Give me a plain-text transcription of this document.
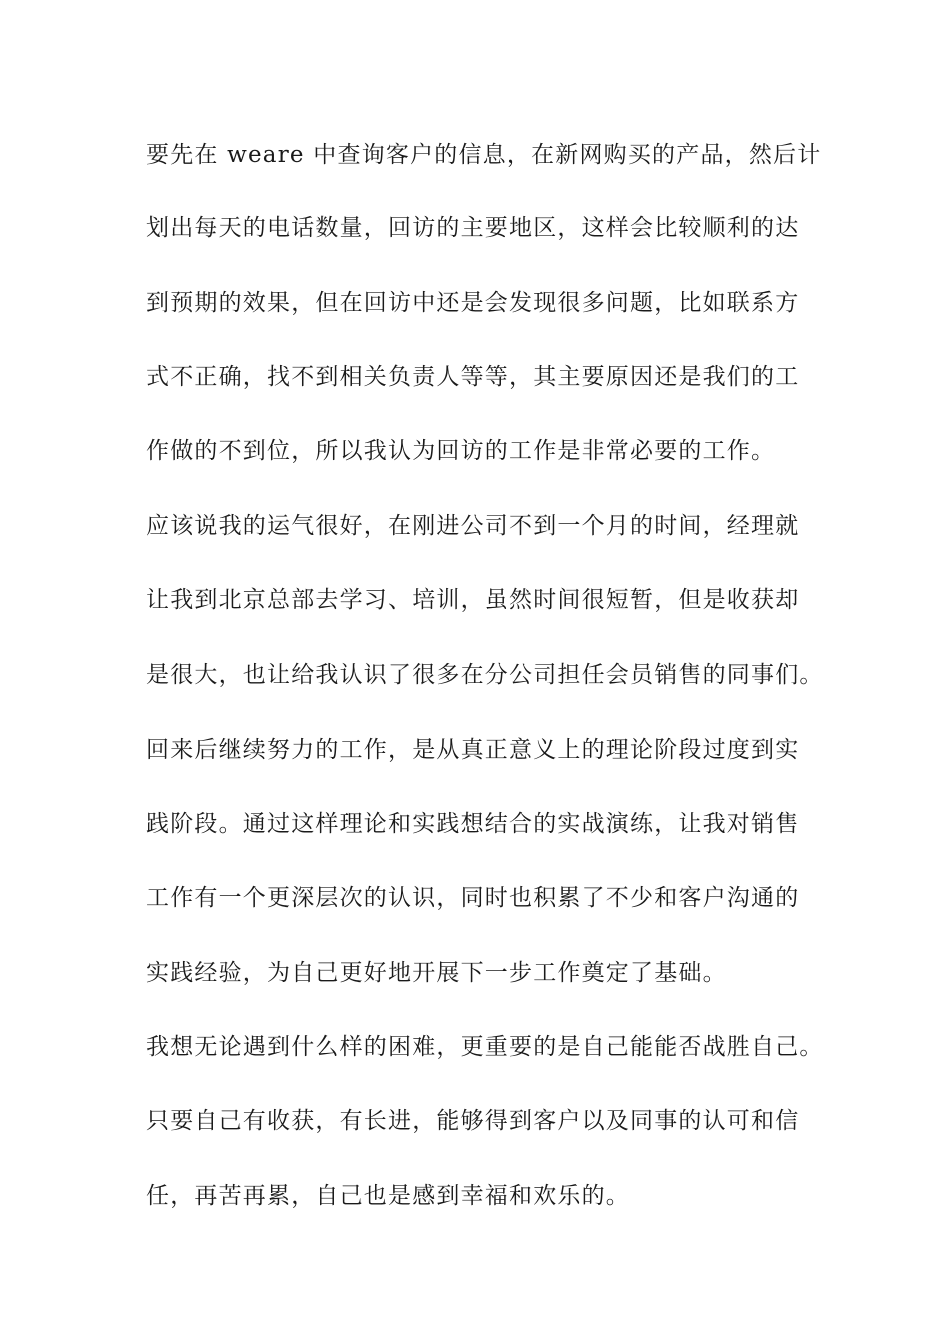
要先在 weare 中查询客户的信息，在新网购买的产品，然后计
划出每天的电话数量，回访的主要地区，这样会比较顺利的达
到预期的效果，但在回访中还是会发现很多问题，比如联系方
式不正确，找不到相关负责人等等，其主要原因还是我们的工
作做的不到位，所以我认为回访的工作是非常必要的工作。
应该说我的运气很好，在刚进公司不到一个月的时间，经理就
让我到北京总部去学习、培训，虽然时间很短暂，但是收获却
是很大，也让给我认识了很多在分公司担任会员销售的同事们。
回来后继续努力的工作，是从真正意义上的理论阶段过度到实
践阶段。通过这样理论和实践想结合的实战演练，让我对销售
工作有一个更深层次的认识，同时也积累了不少和客户沟通的
实践经验，为自己更好地开展下一步工作奠定了基础。
我想无论遇到什么样的困难，更重要的是自己能能否战胜自己。
只要自己有收获，有长进，能够得到客户以及同事的认可和信
任，再苦再累，自己也是感到幸福和欢乐的。
